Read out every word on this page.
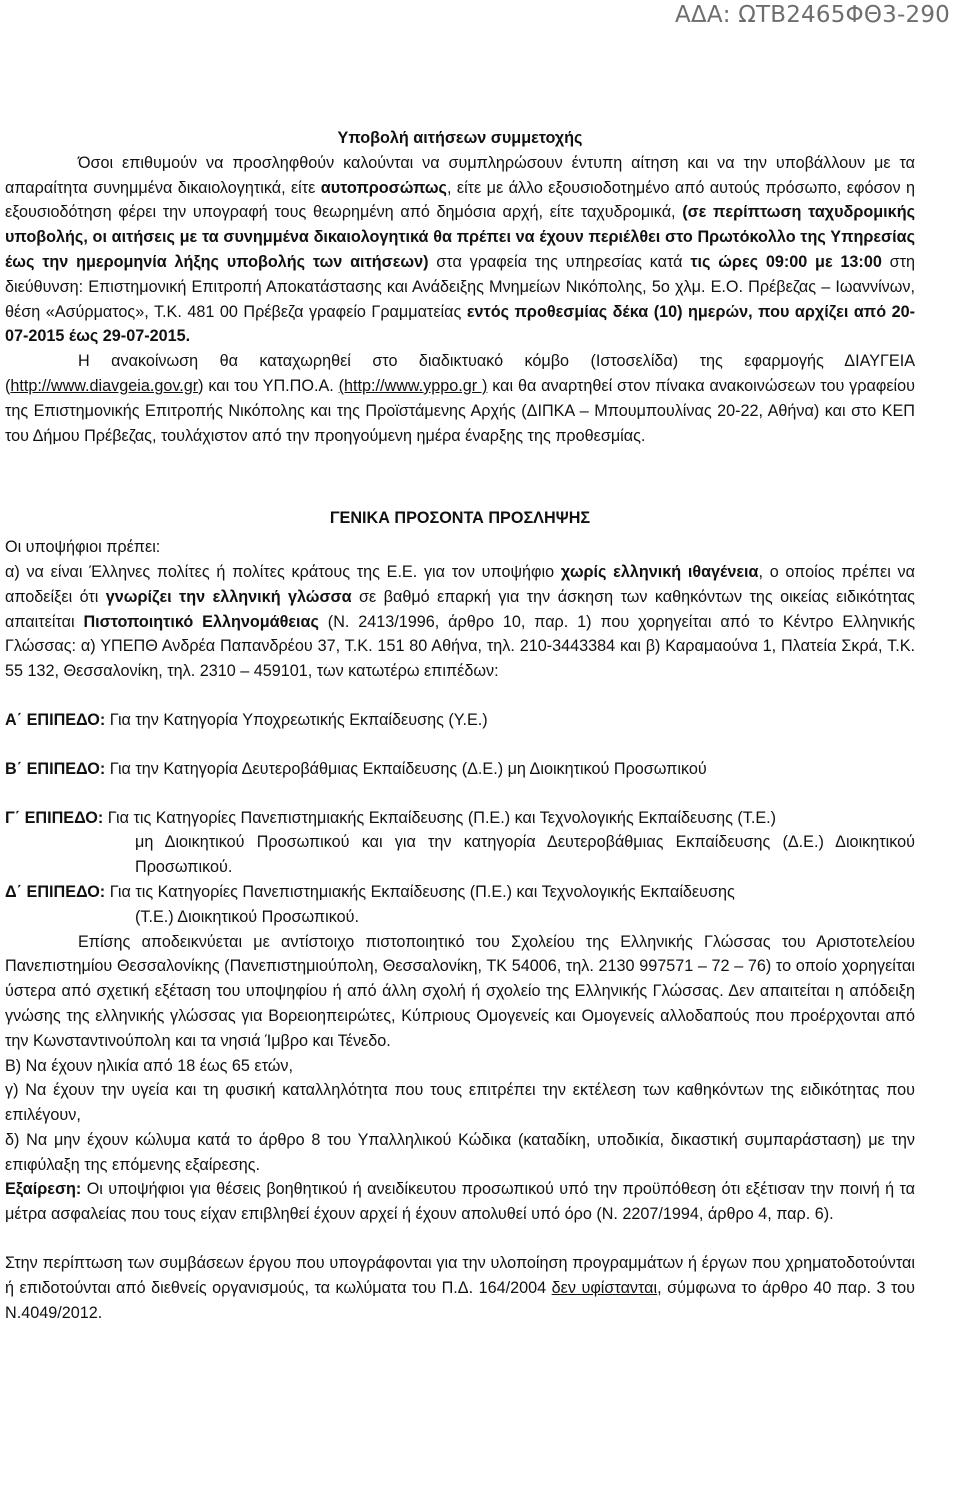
ΑΔΑ: ΩΤΒ2465ΦΘ3-290

Υποβολή αιτήσεων συμμετοχής

Όσοι επιθυμούν να προσληφθούν καλούνται να συμπληρώσουν έντυπη αίτηση και να την υποβάλλουν με τα απαραίτητα συνημμένα δικαιολογητικά, είτε αυτοπροσώπως, είτε με άλλο εξουσιοδοτημένο από αυτούς πρόσωπο, εφόσον η εξουσιοδότηση φέρει την υπογραφή τους θεωρημένη από δημόσια αρχή, είτε ταχυδρομικά, (σε περίπτωση ταχυδρομικής υποβολής, οι αιτήσεις με τα συνημμένα δικαιολογητικά θα πρέπει να έχουν περιέλθει στο Πρωτόκολλο της Υπηρεσίας έως την ημερομηνία λήξης υποβολής των αιτήσεων) στα γραφεία της υπηρεσίας κατά τις ώρες 09:00 με 13:00 στη διεύθυνση: Επιστημονική Επιτροπή Αποκατάστασης και Ανάδειξης Μνημείων Νικόπολης, 5ο χλμ. Ε.Ο. Πρέβεζας – Ιωαννίνων, θέση «Ασύρματος», Τ.Κ. 481 00 Πρέβεζα γραφείο Γραμματείας εντός προθεσμίας δέκα (10) ημερών, που αρχίζει από 20-07-2015 έως 29-07-2015.

Η ανακοίνωση θα καταχωρηθεί στο διαδικτυακό κόμβο (Ιστοσελίδα) της εφαρμογής ΔΙΑΥΓΕΙΑ (http://www.diavgeia.gov.gr) και του ΥΠ.ΠΟ.Α. (http://www.yppo.gr ) και θα αναρτηθεί στον πίνακα ανακοινώσεων του γραφείου της Επιστημονικής Επιτροπής Νικόπολης και της Προϊστάμενης Αρχής (ΔΙΠΚΑ – Μπουμπουλίνας 20-22, Αθήνα) και στο ΚΕΠ του Δήμου Πρέβεζας, τουλάχιστον από την προηγούμενη ημέρα έναρξης της προθεσμίας.

ΓΕΝΙΚΑ ΠΡΟΣΟΝΤΑ ΠΡΟΣΛΗΨΗΣ

Οι υποψήφιοι πρέπει:

α) να είναι Έλληνες πολίτες ή πολίτες κράτους της Ε.Ε. για τον υποψήφιο χωρίς ελληνική ιθαγένεια, ο οποίος πρέπει να αποδείξει ότι γνωρίζει την ελληνική γλώσσα σε βαθμό επαρκή για την άσκηση των καθηκόντων της οικείας ειδικότητας απαιτείται Πιστοποιητικό Ελληνομάθειας (Ν. 2413/1996, άρθρο 10, παρ. 1) που χορηγείται από το Κέντρο Ελληνικής Γλώσσας: α) ΥΠΕΠΘ Ανδρέα Παπανδρέου 37, Τ.Κ. 151 80 Αθήνα, τηλ. 210-3443384 και β) Καραμαούνα 1, Πλατεία Σκρά, Τ.Κ. 55 132, Θεσσαλονίκη, τηλ. 2310 – 459101, των κατωτέρω επιπέδων:

Α΄ ΕΠΙΠΕΔΟ: Για την Κατηγορία Υποχρεωτικής Εκπαίδευσης (Υ.Ε.)

Β΄ ΕΠΙΠΕΔΟ: Για την Κατηγορία Δευτεροβάθμιας Εκπαίδευσης (Δ.Ε.) μη Διοικητικού Προσωπικού

Γ΄ ΕΠΙΠΕΔΟ: Για τις Κατηγορίες Πανεπιστημιακής Εκπαίδευσης (Π.Ε.) και Τεχνολογικής Εκπαίδευσης (Τ.Ε.)

μη Διοικητικού Προσωπικού και για την κατηγορία Δευτεροβάθμιας Εκπαίδευσης (Δ.Ε.) Διοικητικού Προσωπικού.

Δ΄ ΕΠΙΠΕΔΟ: Για τις Κατηγορίες Πανεπιστημιακής Εκπαίδευσης (Π.Ε.) και Τεχνολογικής Εκπαίδευσης

(Τ.Ε.) Διοικητικού Προσωπικού.

Επίσης αποδεικνύεται με αντίστοιχο πιστοποιητικό του Σχολείου της Ελληνικής Γλώσσας του Αριστοτελείου Πανεπιστημίου Θεσσαλονίκης (Πανεπιστημιούπολη, Θεσσαλονίκη, ΤΚ 54006, τηλ. 2130 997571 – 72 – 76) το οποίο χορηγείται ύστερα από σχετική εξέταση του υποψηφίου ή από άλλη σχολή ή σχολείο της Ελληνικής Γλώσσας. Δεν απαιτείται η απόδειξη γνώσης της ελληνικής γλώσσας για Βορειοηπειρώτες, Κύπριους Ομογενείς και Ομογενείς αλλοδαπούς που προέρχονται από την Κωνσταντινούπολη και τα νησιά Ίμβρο και Τένεδο.

Β) Να έχουν ηλικία από 18 έως 65 ετών,

γ) Να έχουν την υγεία και τη φυσική καταλληλότητα που τους επιτρέπει την εκτέλεση των καθηκόντων της ειδικότητας που επιλέγουν,

δ) Να μην έχουν κώλυμα κατά το άρθρο 8 του Υπαλληλικού Κώδικα (καταδίκη, υποδικία, δικαστική συμπαράσταση) με την επιφύλαξη της επόμενης εξαίρεσης.

Εξαίρεση: Οι υποψήφιοι για θέσεις βοηθητικού ή ανειδίκευτου προσωπικού υπό την προϋπόθεση ότι εξέτισαν την ποινή ή τα μέτρα ασφαλείας που τους είχαν επιβληθεί έχουν αρχεί ή έχουν απολυθεί υπό όρο (Ν. 2207/1994, άρθρο 4, παρ. 6).

Στην περίπτωση των συμβάσεων έργου που υπογράφονται για την υλοποίηση προγραμμάτων ή έργων που χρηματοδοτούνται ή επιδοτούνται από διεθνείς οργανισμούς, τα κωλύματα του Π.Δ. 164/2004 δεν υφίστανται, σύμφωνα το άρθρο 40 παρ. 3 του Ν.4049/2012.
